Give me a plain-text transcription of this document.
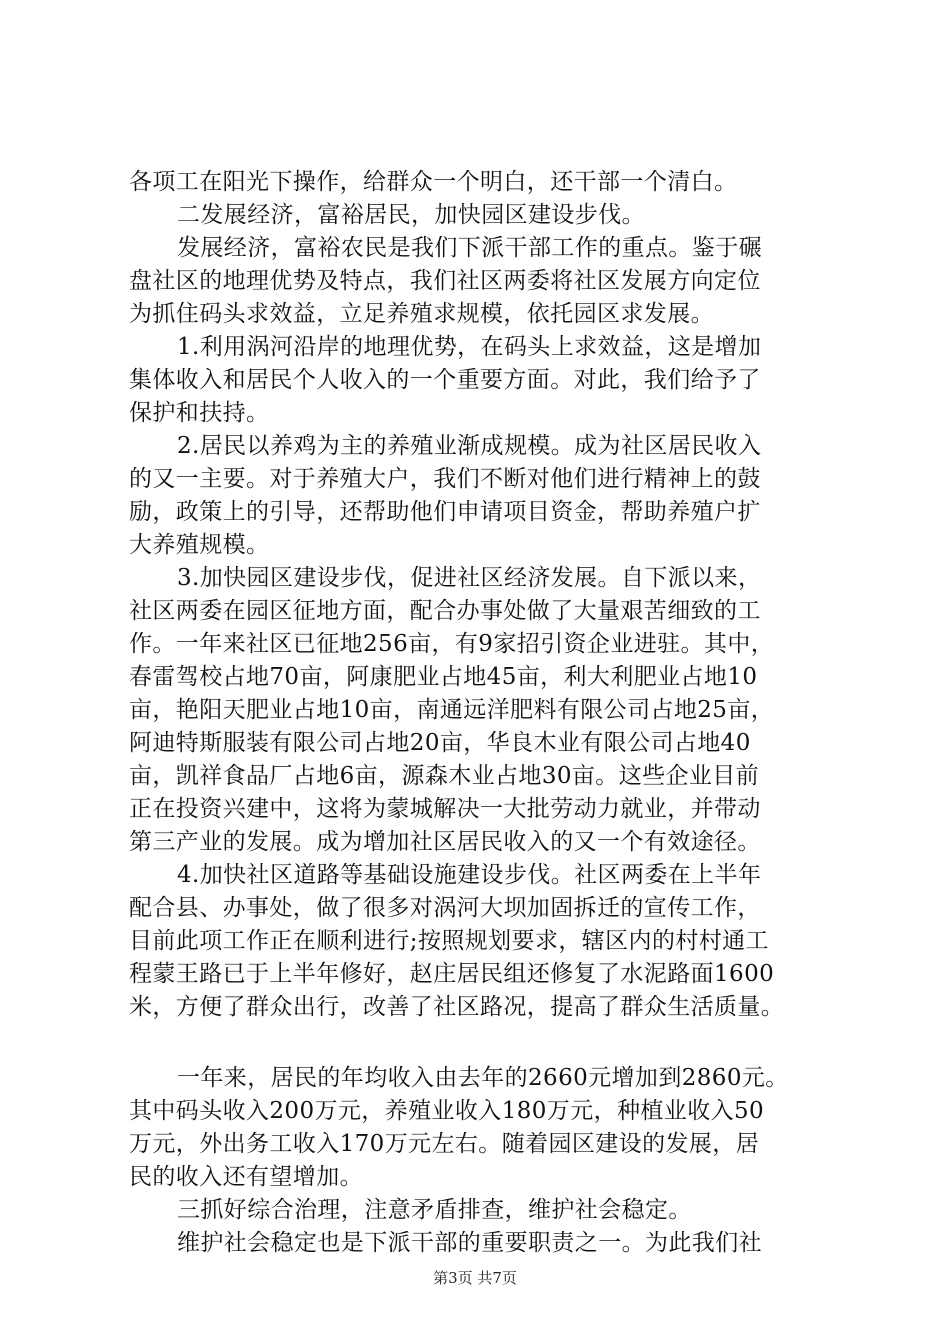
各项工在阳光下操作，给群众一个明白，还干部一个清白。
二发展经济，富裕居民，加快园区建设步伐。
发展经济，富裕农民是我们下派干部工作的重点。鉴于碾
盘社区的地理优势及特点，我们社区两委将社区发展方向定位
为抓住码头求效益，立足养殖求规模，依托园区求发展。
1.利用涡河沿岸的地理优势，在码头上求效益，这是增加
集体收入和居民个人收入的一个重要方面。对此，我们给予了
保护和扶持。
2.居民以养鸡为主的养殖业渐成规模。成为社区居民收入
的又一主要。对于养殖大户，我们不断对他们进行精神上的鼓
励，政策上的引导，还帮助他们申请项目资金，帮助养殖户扩
大养殖规模。
3.加快园区建设步伐，促进社区经济发展。自下派以来，
社区两委在园区征地方面，配合办事处做了大量艰苦细致的工
作。一年来社区已征地256亩，有9家招引资企业进驻。其中，
春雷驾校占地70亩，阿康肥业占地45亩，利大利肥业占地10
亩，艳阳天肥业占地10亩，南通远洋肥料有限公司占地25亩，
阿迪特斯服装有限公司占地20亩，华良木业有限公司占地40
亩，凯祥食品厂占地6亩，源森木业占地30亩。这些企业目前
正在投资兴建中，这将为蒙城解决一大批劳动力就业，并带动
第三产业的发展。成为增加社区居民收入的又一个有效途径。
4.加快社区道路等基础设施建设步伐。社区两委在上半年
配合县、办事处，做了很多对涡河大坝加固拆迁的宣传工作，
目前此项工作正在顺利进行;按照规划要求，辖区内的村村通工
程蒙王路已于上半年修好，赵庄居民组还修复了水泥路面1600
米，方便了群众出行，改善了社区路况，提高了群众生活质量。
一年来，居民的年均收入由去年的2660元增加到2860元。
其中码头收入200万元，养殖业收入180万元，种植业收入50
万元，外出务工收入170万元左右。随着园区建设的发展，居
民的收入还有望增加。
三抓好综合治理，注意矛盾排查，维护社会稳定。
维护社会稳定也是下派干部的重要职责之一。为此我们社
第3页 共7页
